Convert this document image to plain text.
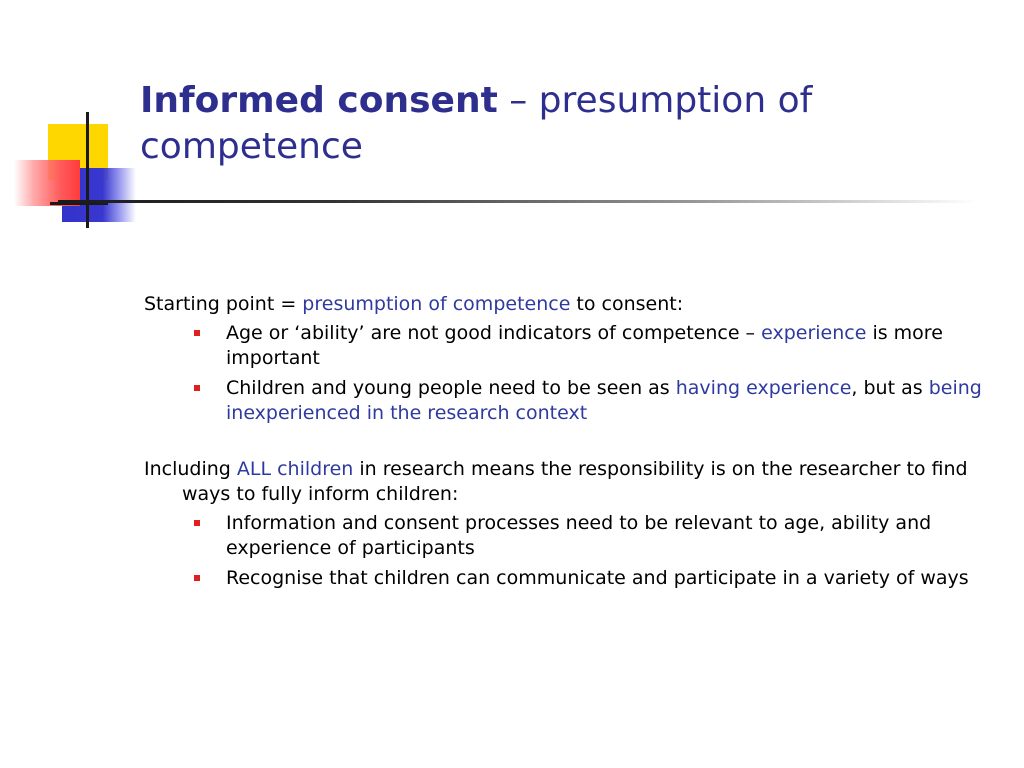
Informed consent – presumption of competence

Starting point = presumption of competence to consent:

Age or ‘ability’ are not good indicators of competence – experience is more important
Children and young people need to be seen as having experience, but as being inexperienced in the research context

Including ALL children in research means the responsibility is on the researcher to find ways to fully inform children:

Information and consent processes need to be relevant to age, ability and experience of participants
Recognise that children can communicate and participate in a variety of ways
